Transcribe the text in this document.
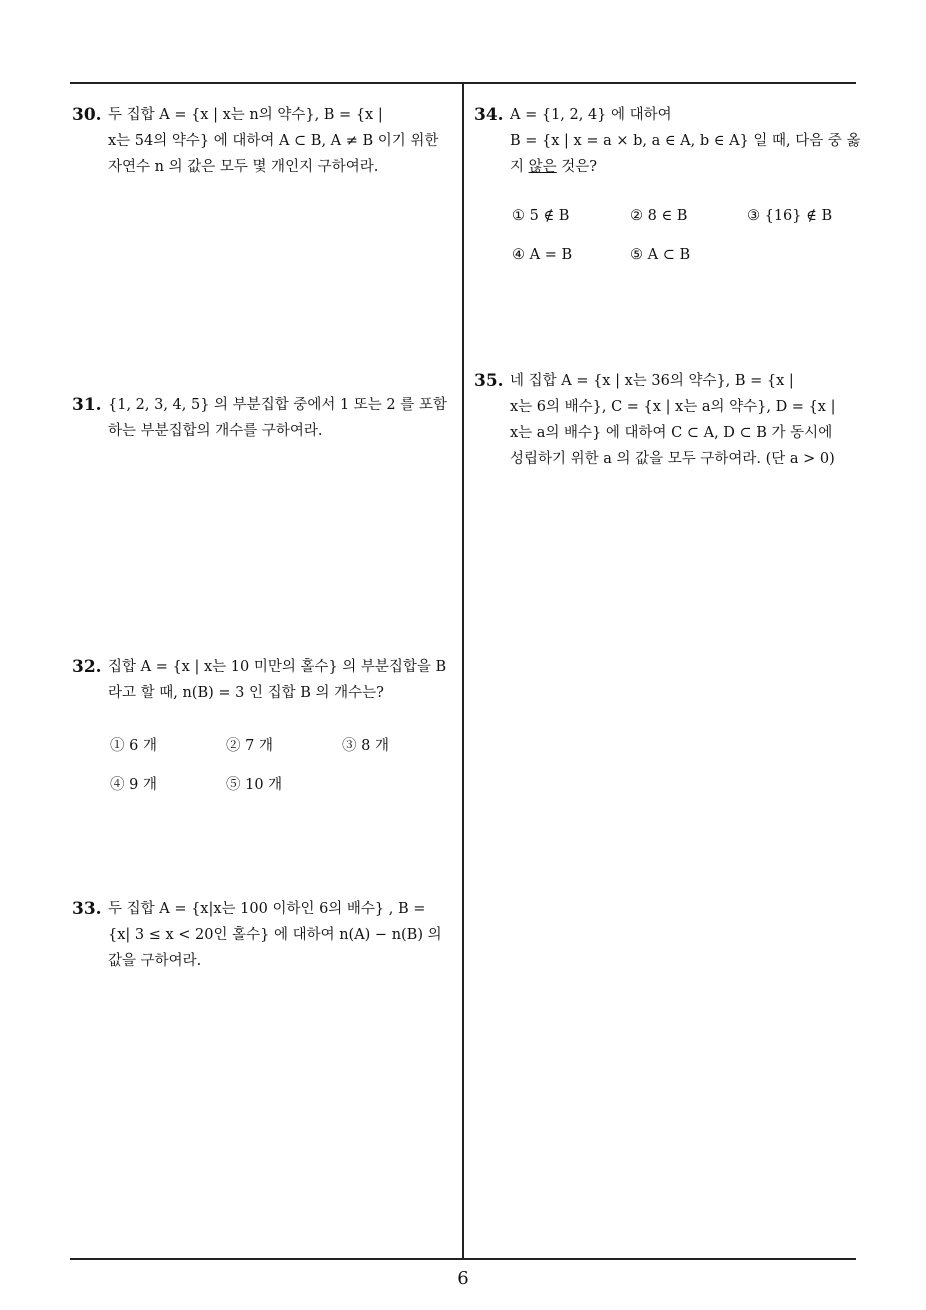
30. 두 집합 A = {x | x는 n의 약수}, B = {x |
x는 54의 약수} 에 대하여 A ⊂ B, A ≠ B 이기 위한
자연수 n 의 값은 모두 몇 개인지 구하여라.
31. {1, 2, 3, 4, 5} 의 부분집합 중에서 1 또는 2 를 포함
하는 부분집합의 개수를 구하여라.
32. 집합 A = {x | x는 10 미만의 홀수} 의 부분집합을 B
라고 할 때, n(B) = 3 인 집합 B 의 개수는?
① 6 개	② 7 개	③ 8 개
④ 9 개	⑤ 10 개
33. 두 집합 A = {x|x는 100 이하인 6의 배수} , B =
{x| 3 ≤ x < 20인 홀수} 에 대하여 n(A) − n(B) 의
값을 구하여라.
34. A = {1, 2, 4} 에 대하여
B = {x | x = a × b, a ∈ A, b ∈ A} 일 때, 다음 중 옳
지 않은 것은?
① 5 ∉ B	② 8 ∈ B	③ {16} ∉ B
④ A = B	⑤ A ⊂ B
35. 네 집합 A = {x | x는 36의 약수}, B = {x |
x는 6의 배수}, C = {x | x는 a의 약수}, D = {x |
x는 a의 배수} 에 대하여 C ⊂ A, D ⊂ B 가 동시에
성립하기 위한 a 의 값을 모두 구하여라. (단 a > 0)
6
